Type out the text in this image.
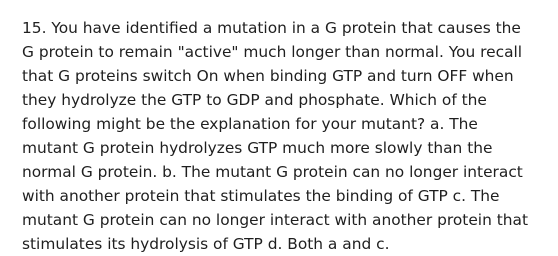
15. You have identified a mutation in a G protein that causes the
G protein to remain "active" much longer than normal. You recall
that G proteins switch On when binding GTP and turn OFF when
they hydrolyze the GTP to GDP and phosphate. Which of the
following might be the explanation for your mutant? a. The
mutant G protein hydrolyzes GTP much more slowly than the
normal G protein. b. The mutant G protein can no longer interact
with another protein that stimulates the binding of GTP c. The
mutant G protein can no longer interact with another protein that
stimulates its hydrolysis of GTP d. Both a and c.
